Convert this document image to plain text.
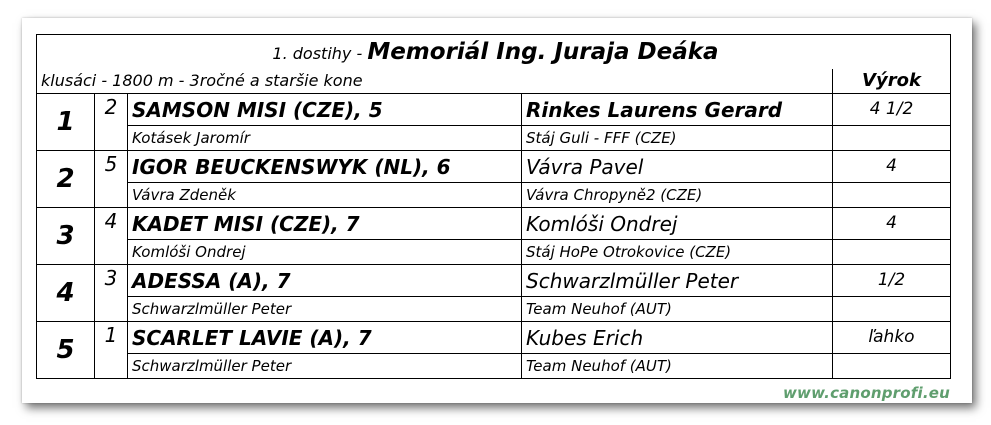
1. dostihy - Memoriál Ing. Juraja Deáka				
klusáci - 1800 m - 3ročné a staršie kone				Výrok
1	2	SAMSON MISI (CZE), 5	Rinkes Laurens Gerard	4 1/2
		Kotásek Jaromír	Stáj Guli - FFF (CZE)	
2	5	IGOR BEUCKENSWYK (NL), 6	Vávra Pavel	4
		Vávra Zdeněk	Vávra Chropyně2 (CZE)	
3	4	KADET MISI (CZE), 7	Komlóši Ondrej	4
		Komlóši Ondrej	Stáj HoPe Otrokovice (CZE)	
4	3	ADESSA (A), 7	Schwarzlmüller Peter	1/2
		Schwarzlmüller Peter	Team Neuhof (AUT)	
5	1	SCARLET LAVIE (A), 7	Kubes Erich	ľahko
		Schwarzlmüller Peter	Team Neuhof (AUT)	
www.canonprofi.eu
